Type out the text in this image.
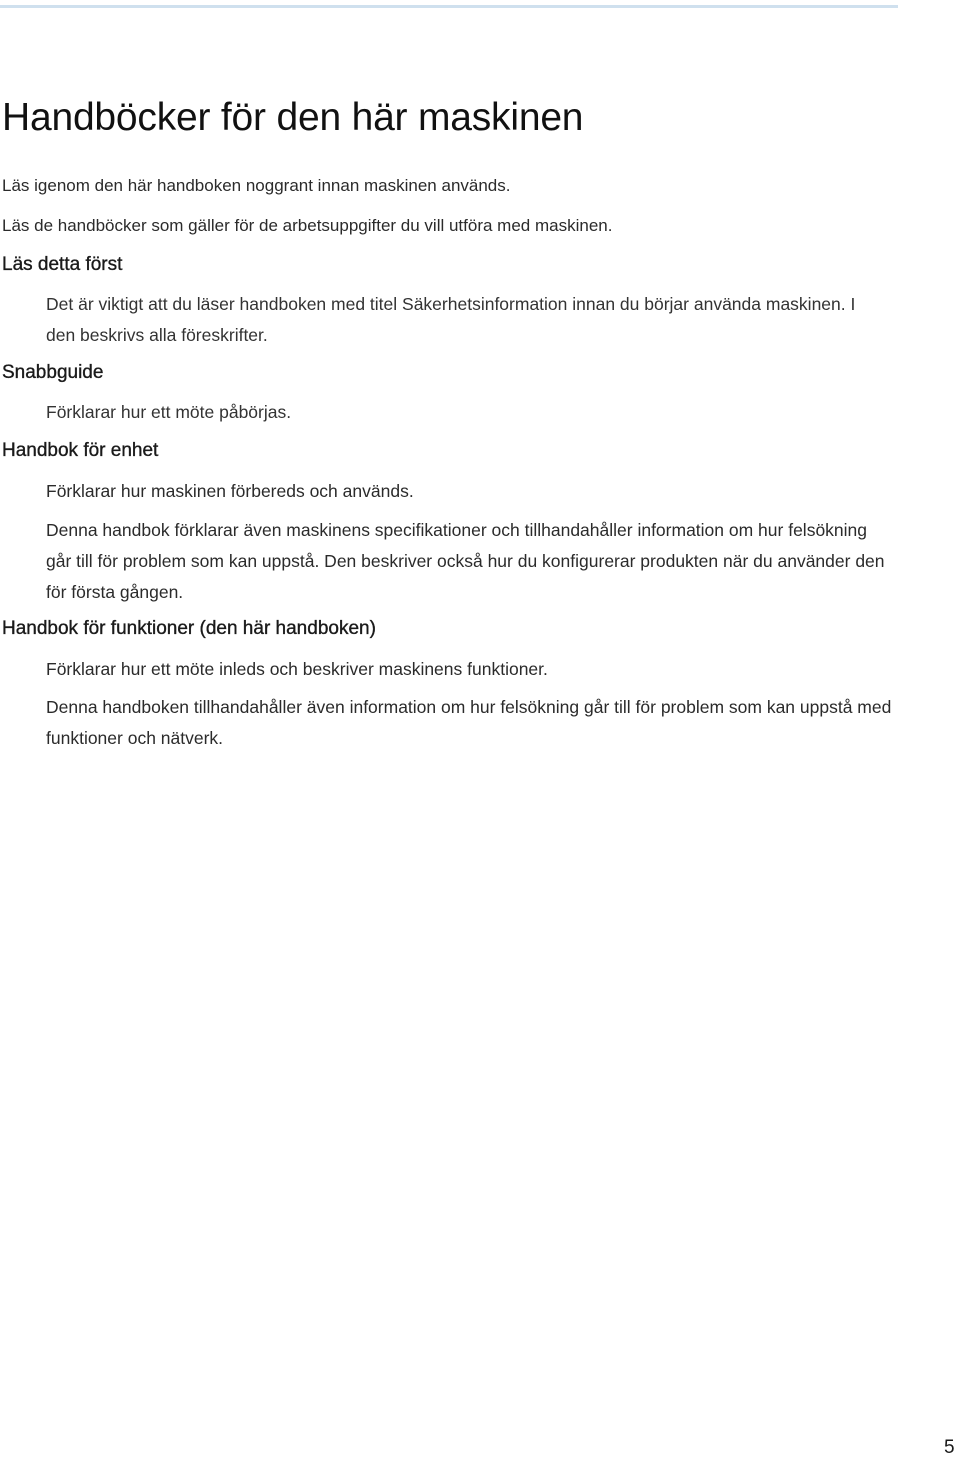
Handböcker för den här maskinen

Läs igenom den här handboken noggrant innan maskinen används.

Läs de handböcker som gäller för de arbetsuppgifter du vill utföra med maskinen.

Läs detta först

Det är viktigt att du läser handboken med titel Säkerhetsinformation innan du börjar använda maskinen. I den beskrivs alla föreskrifter.

Snabbguide

Förklarar hur ett möte påbörjas.

Handbok för enhet

Förklarar hur maskinen förbereds och används.

Denna handbok förklarar även maskinens specifikationer och tillhandahåller information om hur felsökning går till för problem som kan uppstå. Den beskriver också hur du konfigurerar produkten när du använder den för första gången.

Handbok för funktioner (den här handboken)

Förklarar hur ett möte inleds och beskriver maskinens funktioner.

Denna handboken tillhandahåller även information om hur felsökning går till för problem som kan uppstå med funktioner och nätverk.

5
